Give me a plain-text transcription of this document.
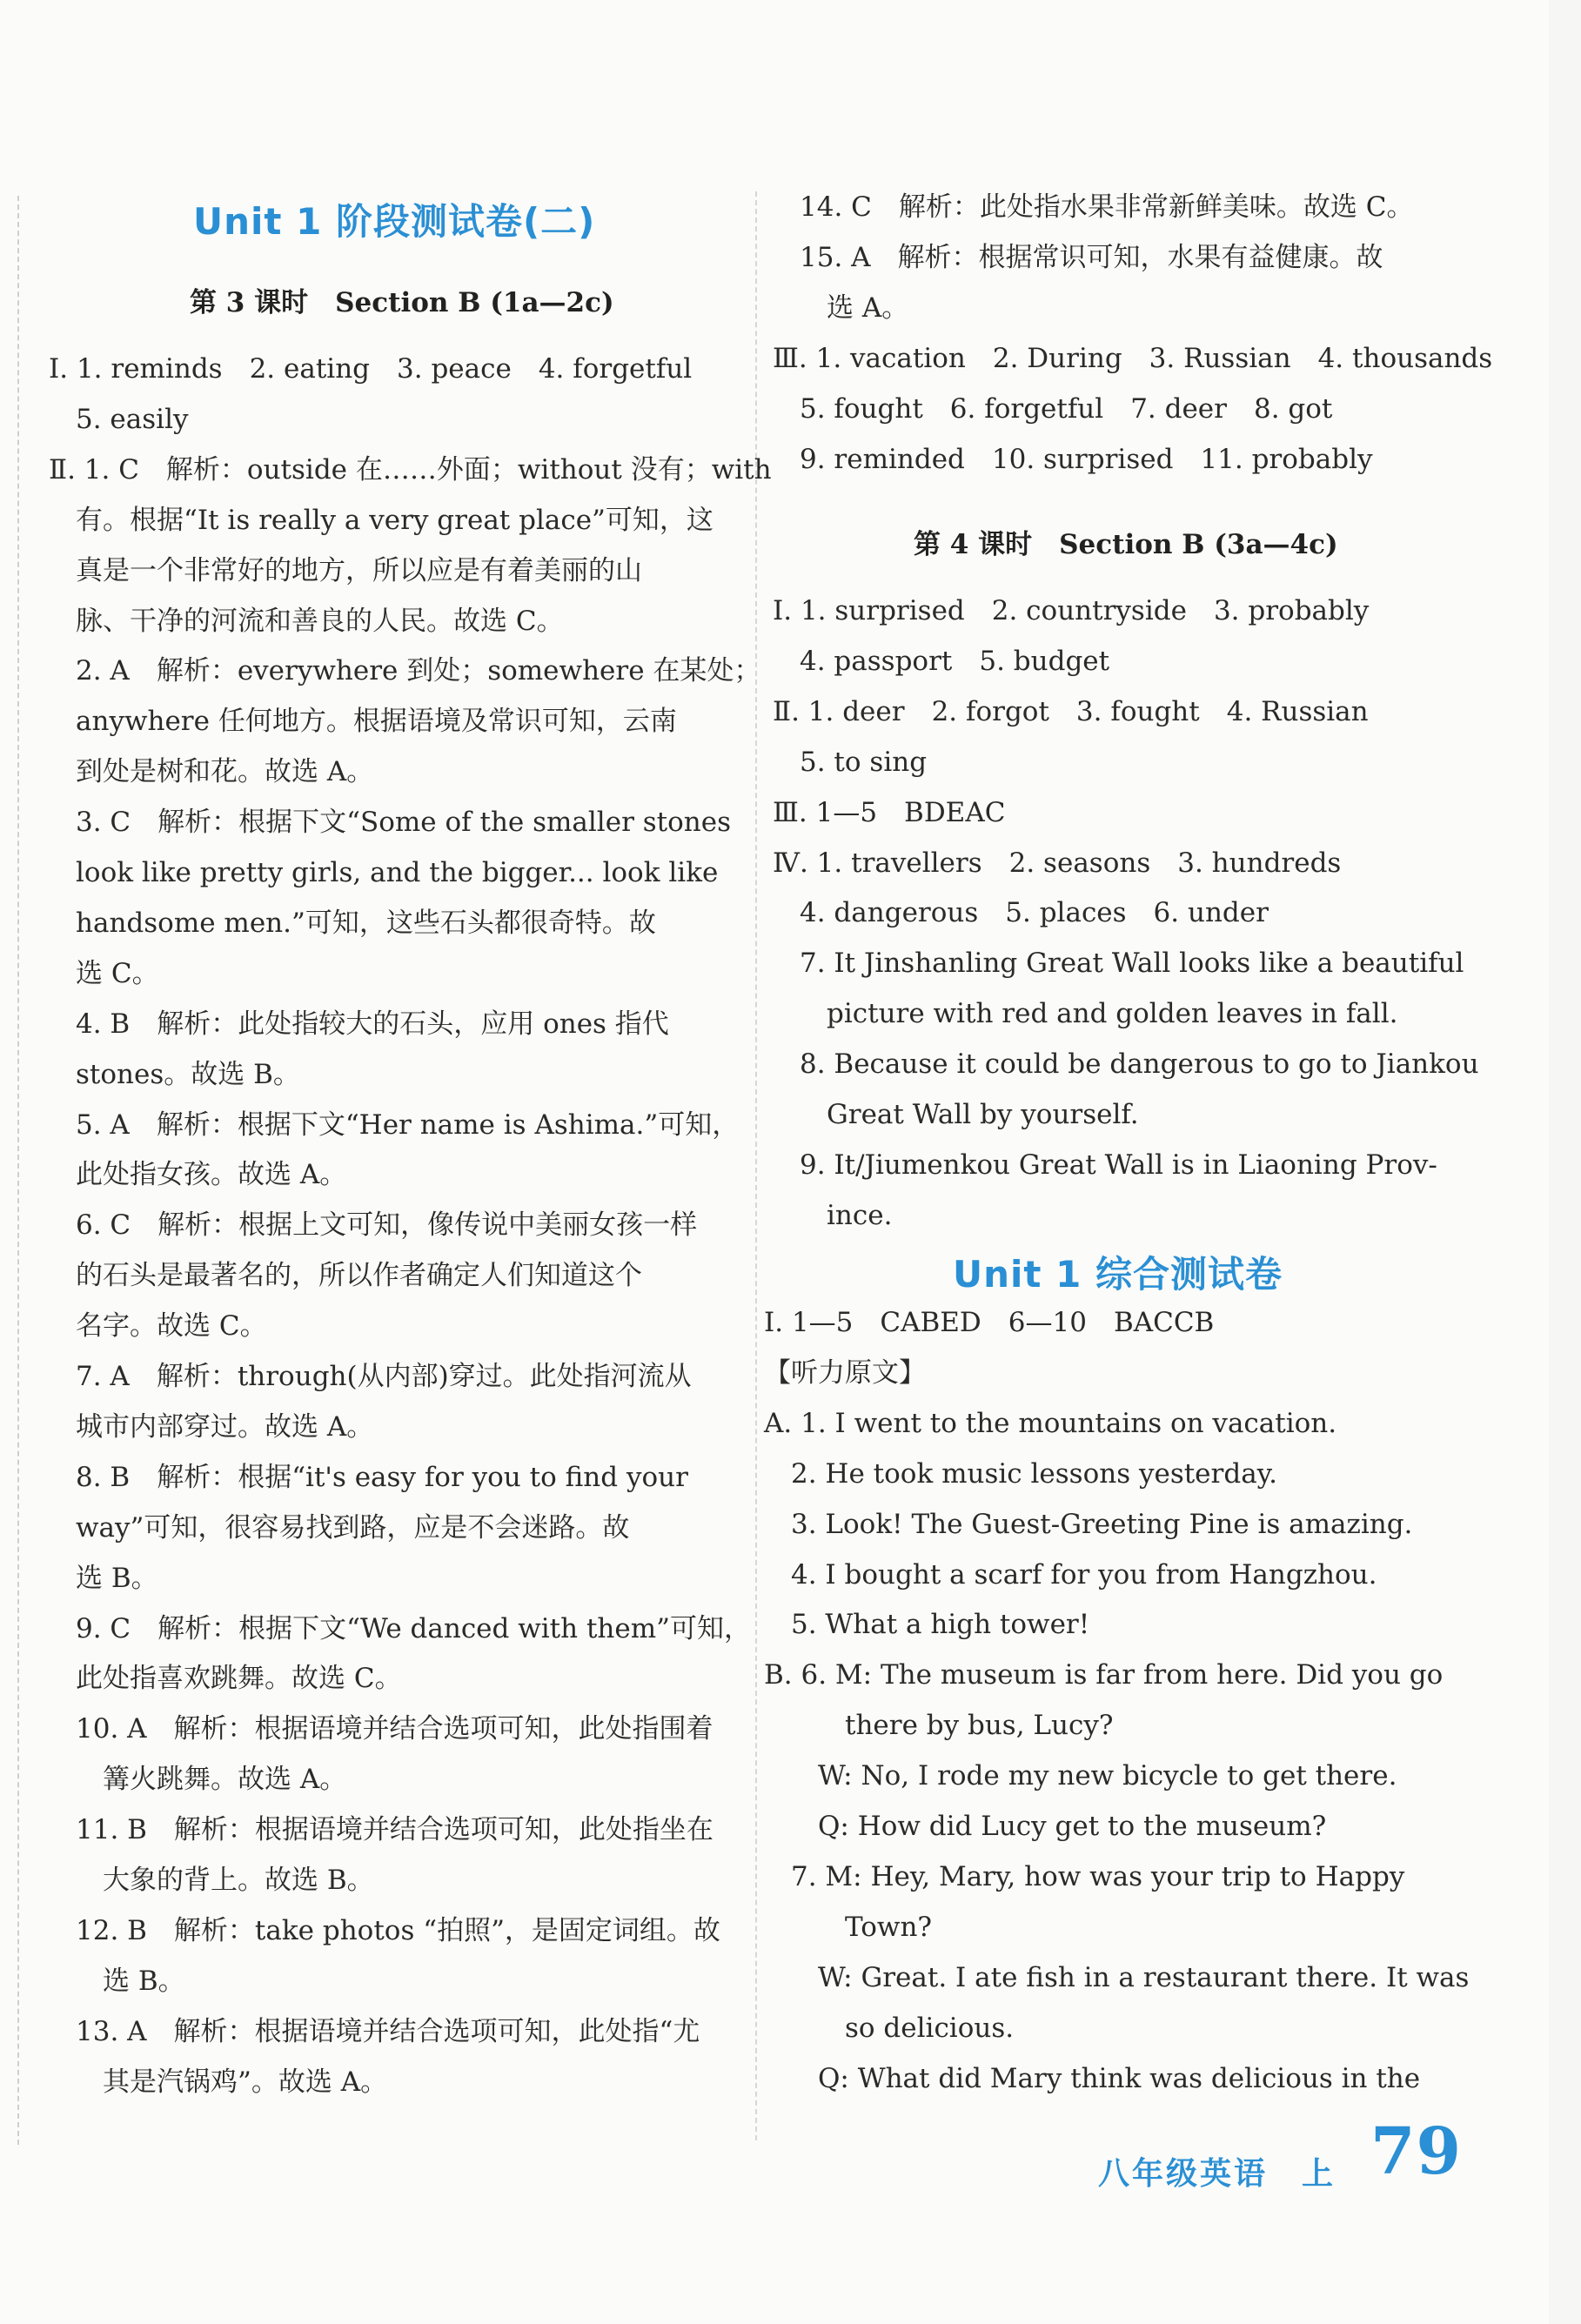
Unit 1 阶段测试卷(二)
第 3 课时　Section B (1a—2c)
Ⅰ. 1. reminds　2. eating　3. peace　4. forgetful
　5. easily
Ⅱ. 1. C　解析：outside 在……外面；without 没有；with
　有。根据“It is really a very great place”可知，这
　真是一个非常好的地方，所以应是有着美丽的山
　脉、干净的河流和善良的人民。故选 C。
　2. A　解析：everywhere 到处；somewhere 在某处；
　anywhere 任何地方。根据语境及常识可知，云南
　到处是树和花。故选 A。
　3. C　解析：根据下文“Some of the smaller stones
　look like pretty girls, and the bigger... look like
　handsome men.”可知，这些石头都很奇特。故
　选 C。
　4. B　解析：此处指较大的石头，应用 ones 指代
　stones。故选 B。
　5. A　解析：根据下文“Her name is Ashima.”可知，
　此处指女孩。故选 A。
　6. C　解析：根据上文可知，像传说中美丽女孩一样
　的石头是最著名的，所以作者确定人们知道这个
　名字。故选 C。
　7. A　解析：through(从内部)穿过。此处指河流从
　城市内部穿过。故选 A。
　8. B　解析：根据“it's easy for you to find your
　way”可知，很容易找到路，应是不会迷路。故
　选 B。
　9. C　解析：根据下文“We danced with them”可知，
　此处指喜欢跳舞。故选 C。
　10. A　解析：根据语境并结合选项可知，此处指围着
　　篝火跳舞。故选 A。
　11. B　解析：根据语境并结合选项可知，此处指坐在
　　大象的背上。故选 B。
　12. B　解析：take photos “拍照”，是固定词组。故
　　选 B。
　13. A　解析：根据语境并结合选项可知，此处指“尤
　　其是汽锅鸡”。故选 A。
　14. C　解析：此处指水果非常新鲜美味。故选 C。
　15. A　解析：根据常识可知，水果有益健康。故
　　选 A。
Ⅲ. 1. vacation　2. During　3. Russian　4. thousands
　5. fought　6. forgetful　7. deer　8. got
　9. reminded　10. surprised　11. probably
第 4 课时　Section B (3a—4c)
Ⅰ. 1. surprised　2. countryside　3. probably
　4. passport　5. budget
Ⅱ. 1. deer　2. forgot　3. fought　4. Russian
　5. to sing
Ⅲ. 1—5　BDEAC
Ⅳ. 1. travellers　2. seasons　3. hundreds
　4. dangerous　5. places　6. under
　7. It Jinshanling Great Wall looks like a beautiful
　　picture with red and golden leaves in fall.
　8. Because it could be dangerous to go to Jiankou
　　Great Wall by yourself.
　9. It/Jiumenkou Great Wall is in Liaoning Prov-
　　ince.
Unit 1 综合测试卷
Ⅰ. 1—5　CABED　6—10　BACCB
【听力原文】
A. 1. I went to the mountains on vacation.
　2. He took music lessons yesterday.
　3. Look! The Guest-Greeting Pine is amazing.
　4. I bought a scarf for you from Hangzhou.
　5. What a high tower!
B. 6. M: The museum is far from here. Did you go
　　　there by bus, Lucy?
　　W: No, I rode my new bicycle to get there.
　　Q: How did Lucy get to the museum?
　7. M: Hey, Mary, how was your trip to Happy
　　　Town?
　　W: Great. I ate fish in a restaurant there. It was
　　　so delicious.
　　Q: What did Mary think was delicious in the
八年级英语　上 79
